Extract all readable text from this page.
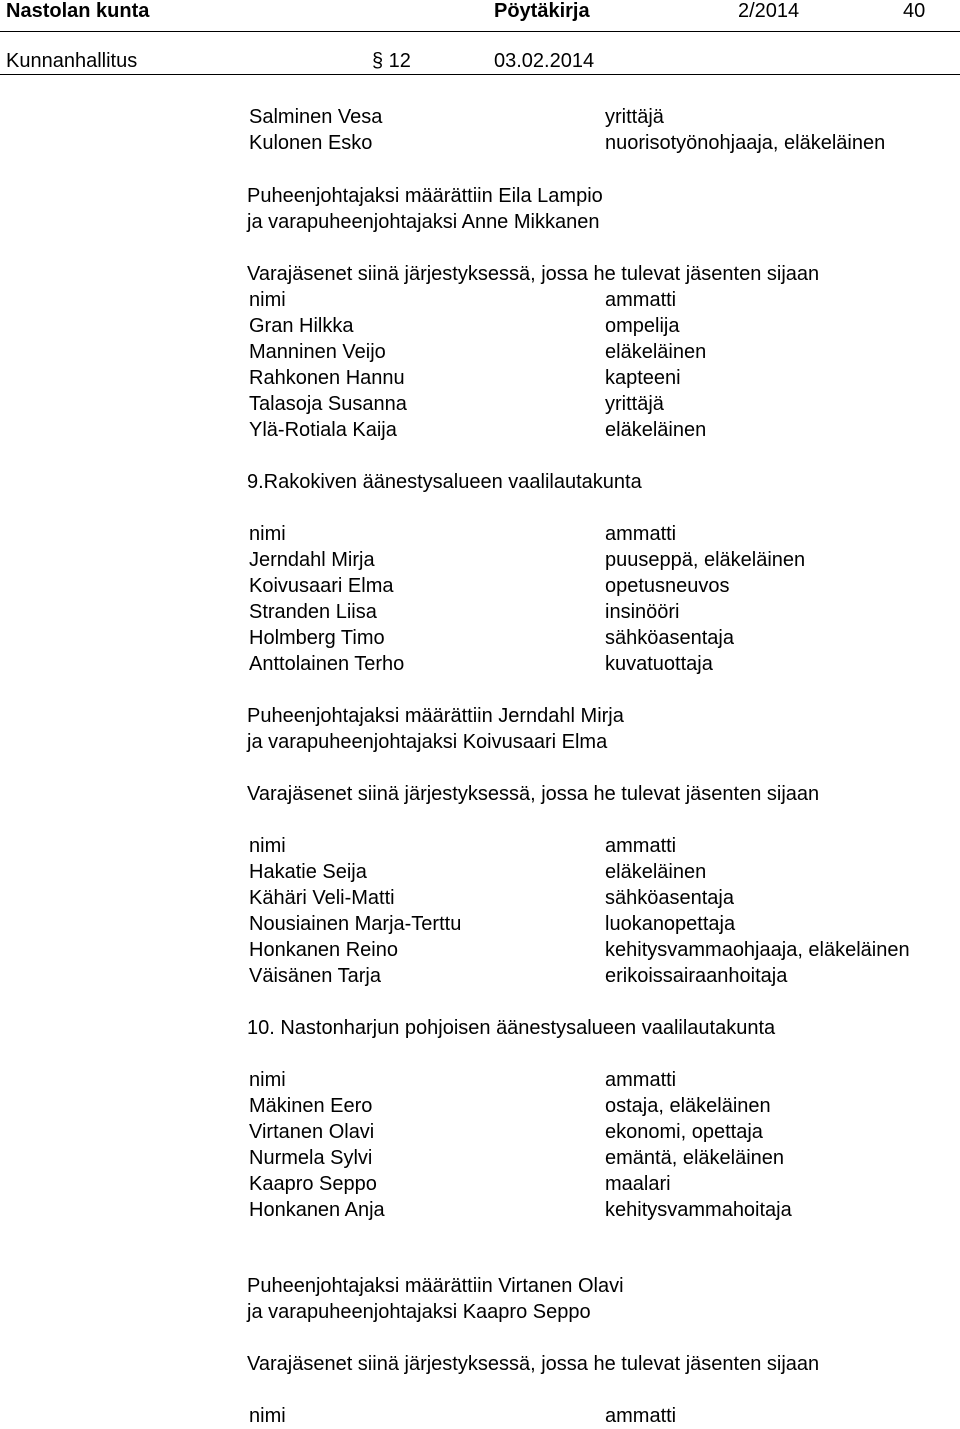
Nastolan kunta	Pöytäkirja	2/2014	40
Kunnanhallitus	§ 12	03.02.2014
Salminen Vesa	yrittäjä
Kulonen Esko	nuorisotyönohjaaja, eläkeläinen
Puheenjohtajaksi määrättiin Eila Lampio
ja varapuheenjohtajaksi Anne Mikkanen
Varajäsenet siinä järjestyksessä, jossa he tulevat jäsenten sijaan
nimi	ammatti
Gran Hilkka	ompelija
Manninen Veijo	eläkeläinen
Rahkonen Hannu	kapteeni
Talasoja Susanna	yrittäjä
Ylä-Rotiala Kaija	eläkeläinen
9.Rakokiven äänestysalueen vaalilautakunta
nimi	ammatti
Jerndahl Mirja	puuseppä, eläkeläinen
Koivusaari Elma	opetusneuvos
Stranden Liisa	insinööri
Holmberg Timo	sähköasentaja
Anttolainen Terho	kuvatuottaja
Puheenjohtajaksi määrättiin Jerndahl Mirja
ja varapuheenjohtajaksi Koivusaari Elma
Varajäsenet siinä järjestyksessä, jossa he tulevat jäsenten sijaan
nimi	ammatti
Hakatie Seija	eläkeläinen
Kähäri Veli-Matti	sähköasentaja
Nousiainen Marja-Terttu	luokanopettaja
Honkanen Reino	kehitysvammaohjaaja, eläkeläinen
Väisänen Tarja	erikoissairaanhoitaja
10. Nastonharjun pohjoisen äänestysalueen vaalilautakunta
nimi	ammatti
Mäkinen Eero	ostaja, eläkeläinen
Virtanen Olavi	ekonomi, opettaja
Nurmela Sylvi	emäntä, eläkeläinen
Kaapro Seppo	maalari
Honkanen Anja	kehitysvammahoitaja
Puheenjohtajaksi määrättiin Virtanen Olavi
ja varapuheenjohtajaksi Kaapro Seppo
Varajäsenet siinä järjestyksessä, jossa he tulevat jäsenten sijaan
nimi	ammatti
